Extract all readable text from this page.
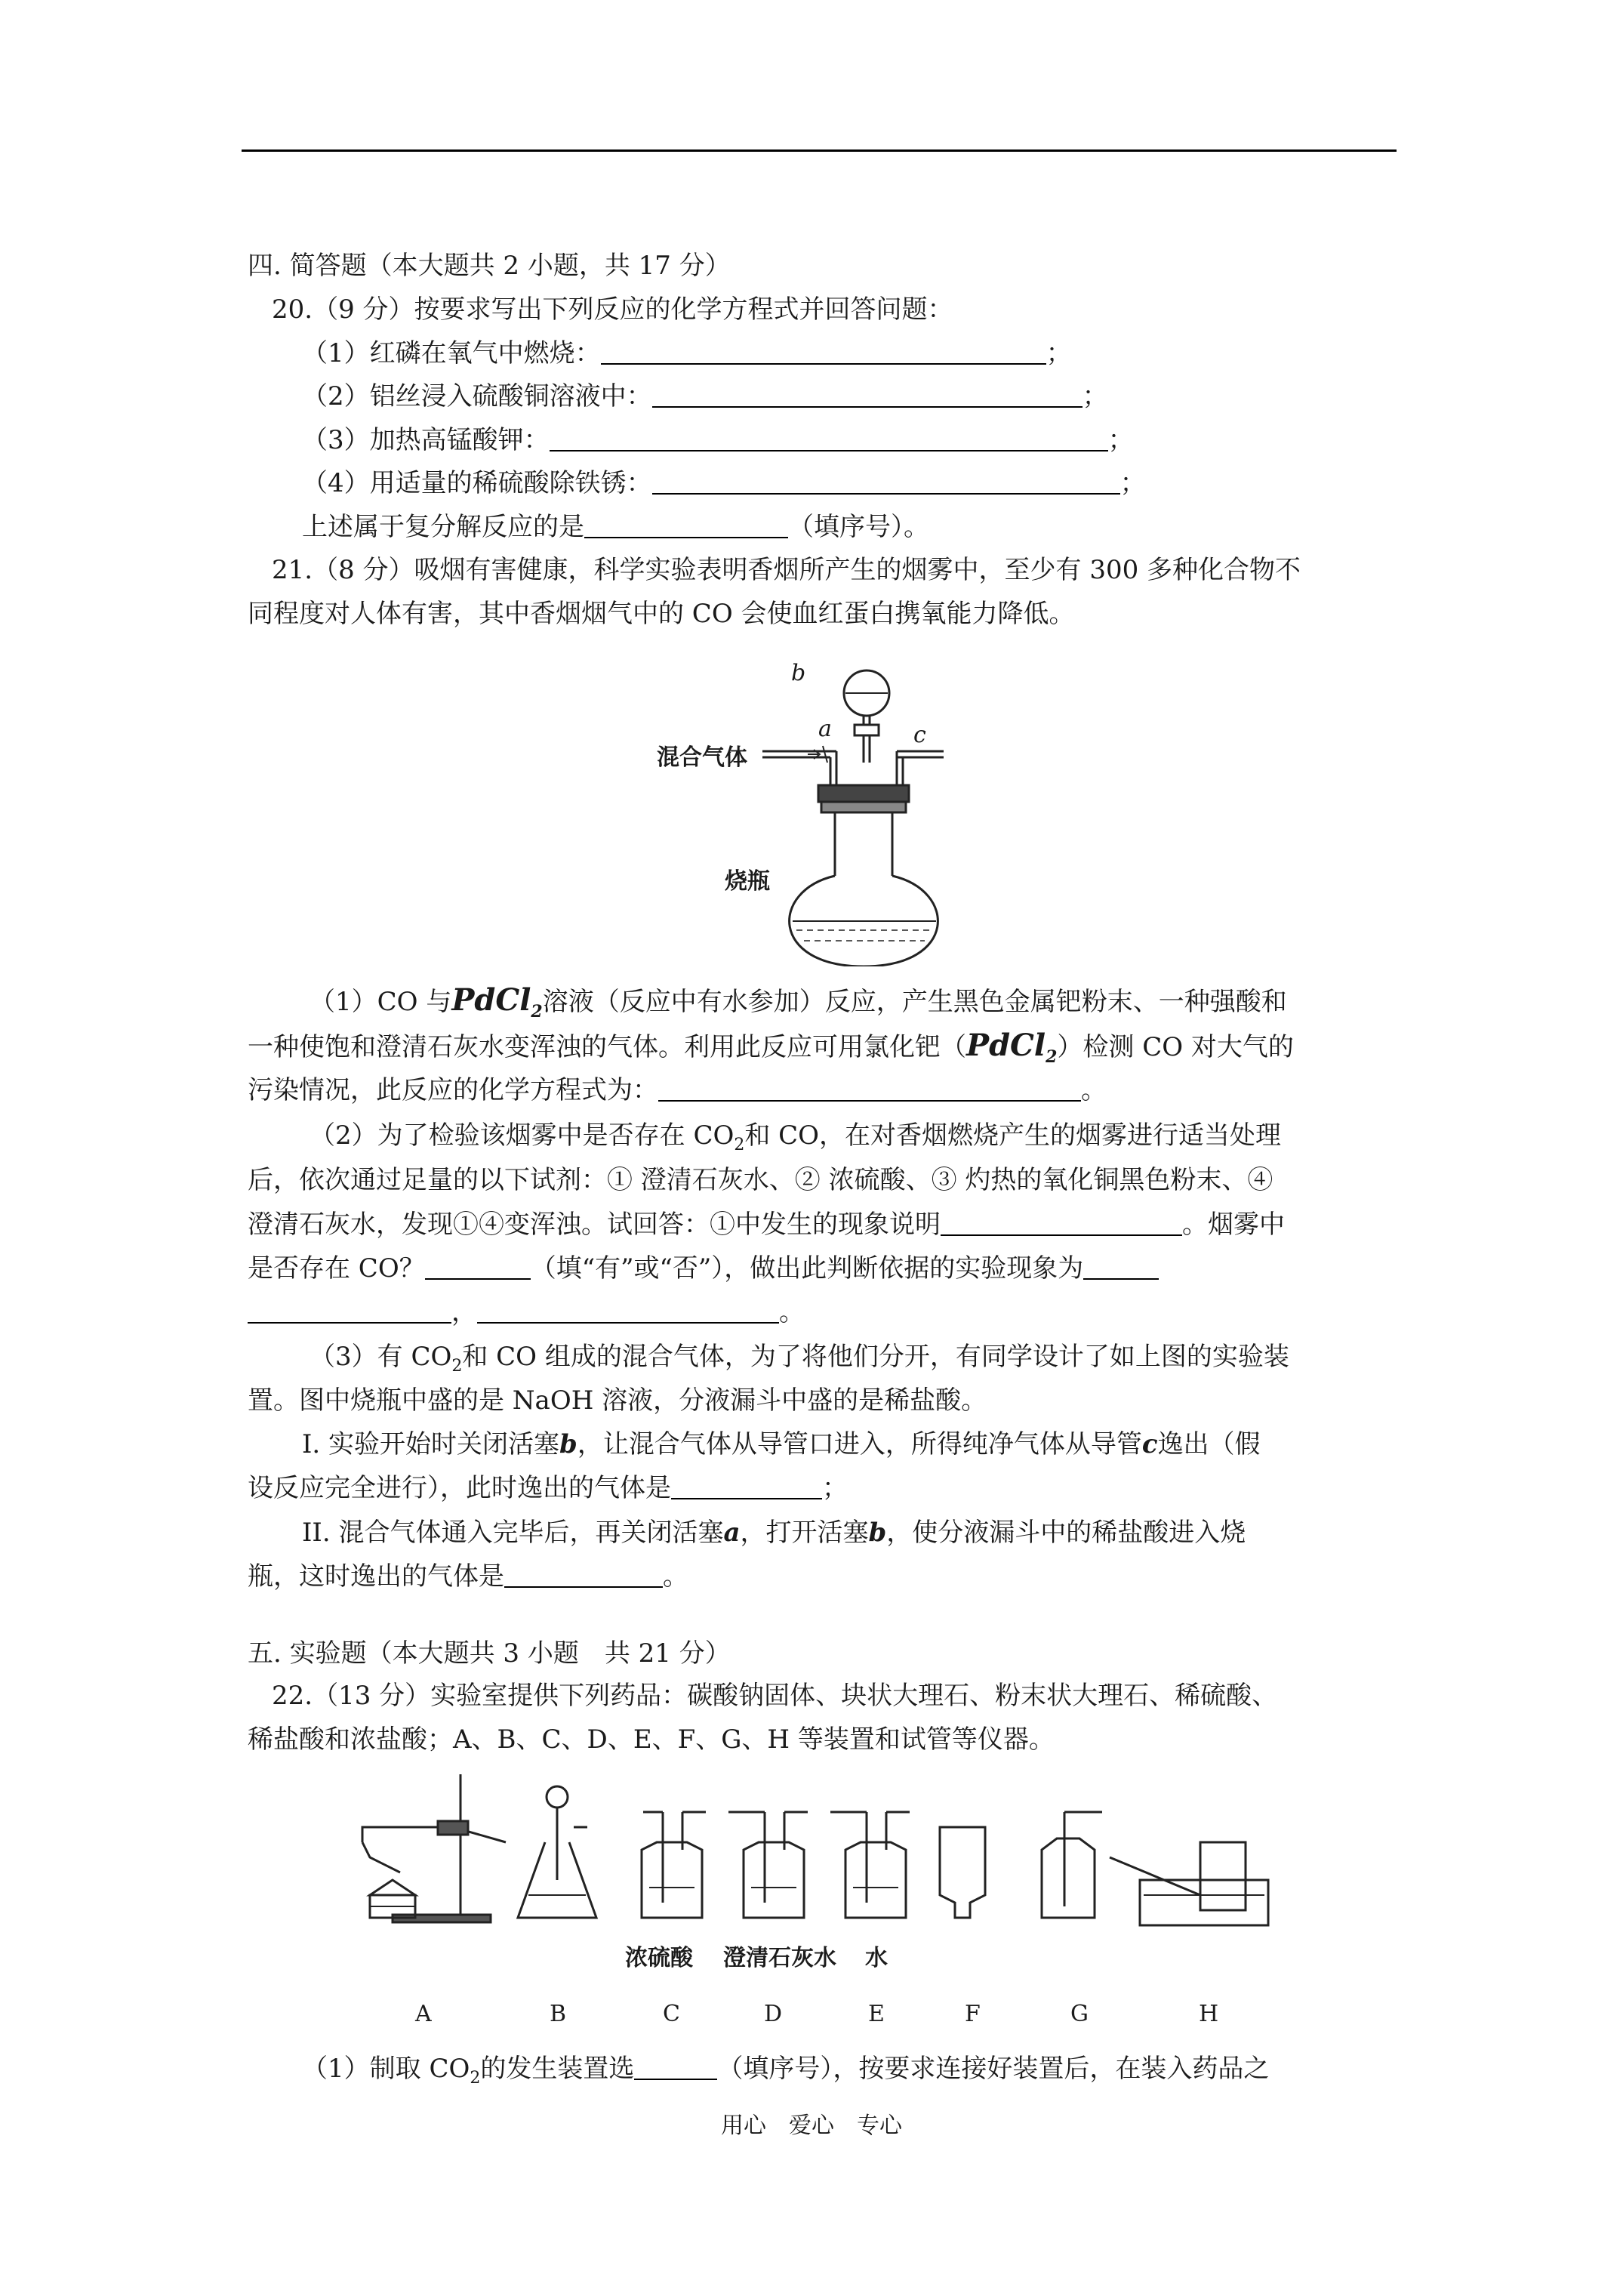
四. 简答题（本大题共 2 小题，共 17 分）
20.（9 分）按要求写出下列反应的化学方程式并回答问题：
（1）红磷在氧气中燃烧：	；
（2）铝丝浸入硫酸铜溶液中：	；
（3）加热高锰酸钾：	；
（4）用适量的稀硫酸除铁锈：	；
上述属于复分解反应的是	（填序号）。
21.（8 分）吸烟有害健康，科学实验表明香烟所产生的烟雾中，至少有 300 多种化合物不
同程度对人体有害，其中香烟烟气中的 CO 会使血红蛋白携氧能力降低。
b
混合气体
a	c
烧瓶
（1）CO 与PdCl$_2$溶液（反应中有水参加）反应，产生黑色金属钯粉末、一种强酸和
一种使饱和澄清石灰水变浑浊的气体。利用此反应可用氯化钯（PdCl$_2$）检测 CO 对大气的
污染情况，此反应的化学方程式为：	。
（2）为了检验该烟雾中是否存在 $CO_2$和 CO，在对香烟燃烧产生的烟雾进行适当处理
后，依次通过足量的以下试剂：① 澄清石灰水、② 浓硫酸、③ 灼热的氧化铜黑色粉末、④
澄清石灰水，发现①④变浑浊。试回答：①中发生的现象说明	。烟雾中
是否存在 CO？	（填“有”或“否”），做出此判断依据的实验现象为
，	。
（3）有 $CO_2$和 CO 组成的混合气体，为了将他们分开，有同学设计了如上图的实验装
置。图中烧瓶中盛的是 NaOH 溶液，分液漏斗中盛的是稀盐酸。
I. 实验开始时关闭活塞b，让混合气体从导管口进入，所得纯净气体从导管c逸出（假
设反应完全进行），此时逸出的气体是	；
II. 混合气体通入完毕后，再关闭活塞a，打开活塞b，使分液漏斗中的稀盐酸进入烧
瓶，这时逸出的气体是	。
五. 实验题（本大题共 3 小题　共 21 分）
22.（13 分）实验室提供下列药品：碳酸钠固体、块状大理石、粉末状大理石、稀硫酸、
稀盐酸和浓盐酸；A、B、C、D、E、F、G、H 等装置和试管等仪器。
浓硫酸 澄清石灰水 水
A	B	C	D	E	F	G	H
（1）制取 $CO_2$的发生装置选	（填序号），按要求连接好装置后，在装入药品之
用心　爱心　专心
